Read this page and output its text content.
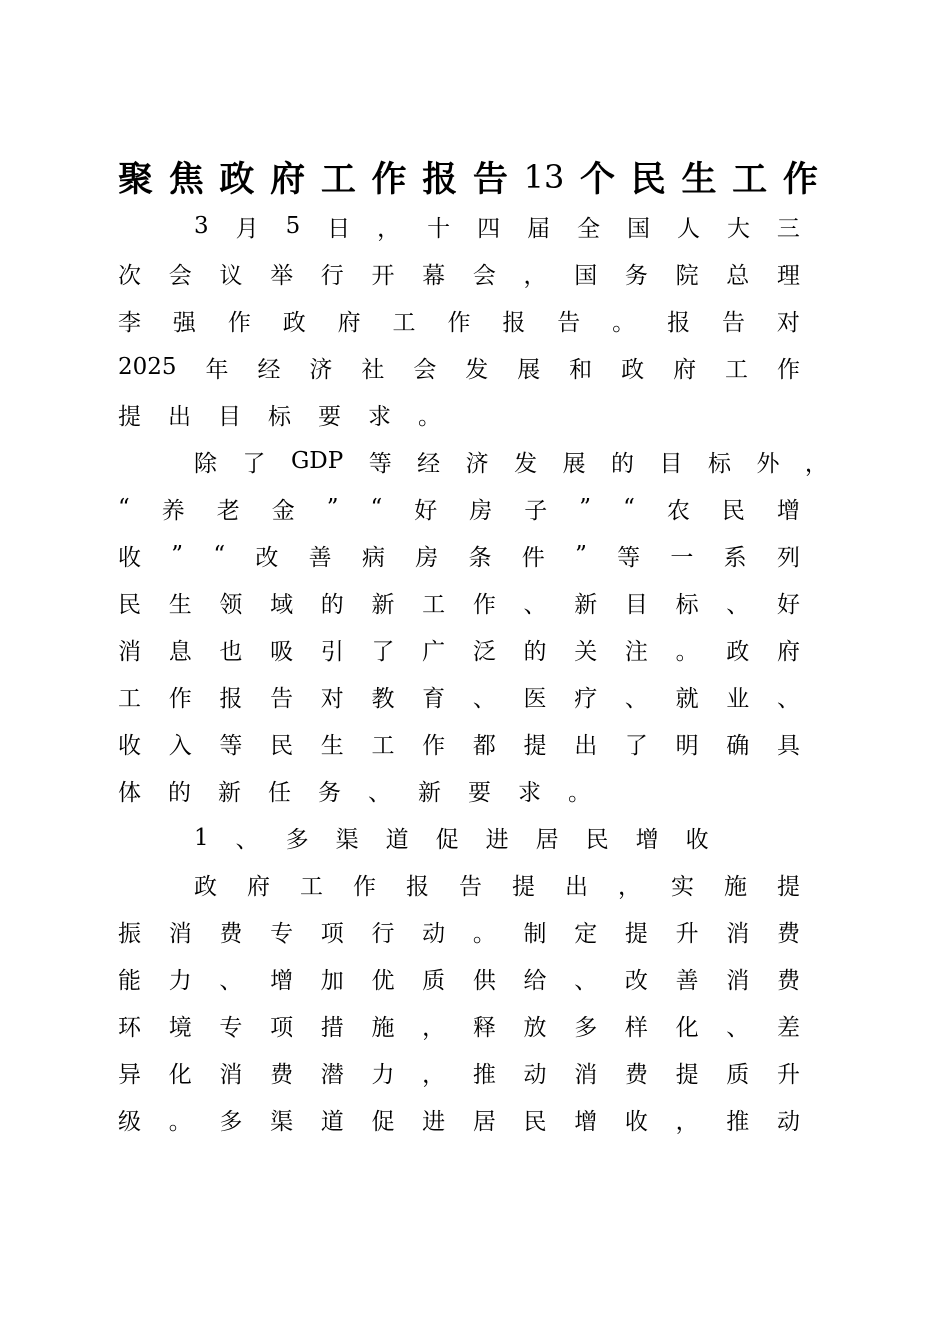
聚 焦 政 府 工 作 报 告 13 个 民 生 工 作
3 月 5 日 ， 十 四 届 全 国 人 大 三
次 会 议 举 行 开 幕 会 ， 国 务 院 总 理
李 强 作 政 府 工 作 报 告 。 报 告 对
2025 年 经 济 社 会 发 展 和 政 府 工 作
提 出 目 标 要 求 。
除 了 GDP 等 经 济 发 展 的 目 标 外 ，
“ 养 老 金 ” “ 好 房 子 ” “ 农 民 增
收 ” “ 改 善 病 房 条 件 ” 等 一 系 列
民 生 领 域 的 新 工 作 、 新 目 标 、 好
消 息 也 吸 引 了 广 泛 的 关 注 。 政 府
工 作 报 告 对 教 育 、 医 疗 、 就 业 、
收 入 等 民 生 工 作 都 提 出 了 明 确 具
体 的 新 任 务 、 新 要 求 。
1 、 多 渠 道 促 进 居 民 增 收
政 府 工 作 报 告 提 出 ， 实 施 提
振 消 费 专 项 行 动 。 制 定 提 升 消 费
能 力 、 增 加 优 质 供 给 、 改 善 消 费
环 境 专 项 措 施 ， 释 放 多 样 化 、 差
异 化 消 费 潜 力 ， 推 动 消 费 提 质 升
级 。 多 渠 道 促 进 居 民 增 收 ， 推 动
